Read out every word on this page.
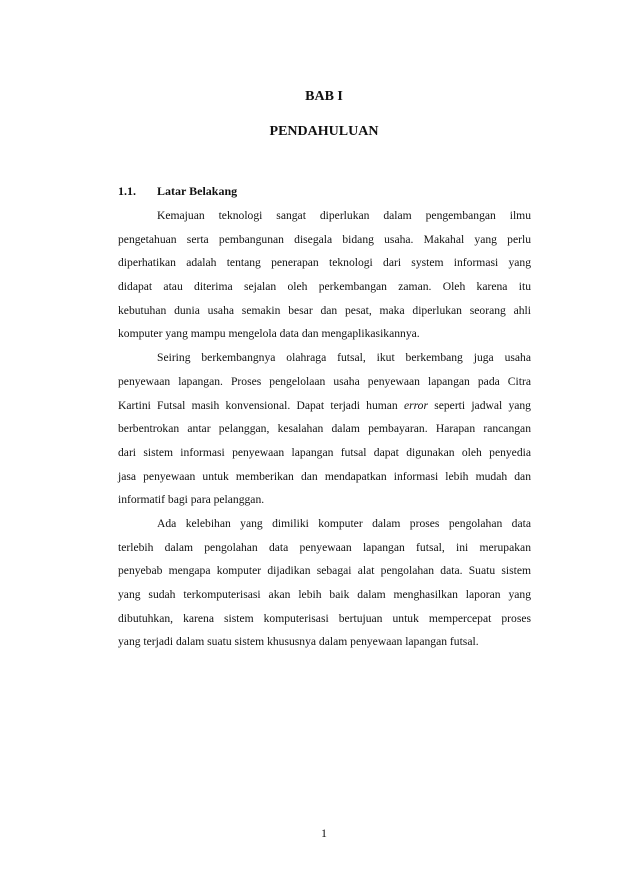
BAB I
PENDAHULUAN
1.1. Latar Belakang
Kemajuan teknologi sangat diperlukan dalam pengembangan ilmu
pengetahuan serta pembangunan disegala bidang usaha. Makahal yang perlu
diperhatikan adalah tentang penerapan teknologi dari system informasi yang
didapat atau diterima sejalan oleh perkembangan zaman. Oleh karena itu
kebutuhan dunia usaha semakin besar dan pesat, maka diperlukan seorang ahli
komputer yang mampu mengelola data dan mengaplikasikannya.
Seiring berkembangnya olahraga futsal, ikut berkembang juga usaha
penyewaan lapangan. Proses pengelolaan usaha penyewaan lapangan pada Citra
Kartini Futsal masih konvensional. Dapat terjadi human error seperti jadwal yang
berbentrokan antar pelanggan, kesalahan dalam pembayaran. Harapan rancangan
dari sistem informasi penyewaan lapangan futsal dapat digunakan oleh penyedia
jasa penyewaan untuk memberikan dan mendapatkan informasi lebih mudah dan
informatif bagi para pelanggan.
Ada kelebihan yang dimiliki komputer dalam proses pengolahan data
terlebih dalam pengolahan data penyewaan lapangan futsal, ini merupakan
penyebab mengapa komputer dijadikan sebagai alat pengolahan data. Suatu sistem
yang sudah terkomputerisasi akan lebih baik dalam menghasilkan laporan yang
dibutuhkan, karena sistem komputerisasi bertujuan untuk mempercepat proses
yang terjadi dalam suatu sistem khususnya dalam penyewaan lapangan futsal.
1
